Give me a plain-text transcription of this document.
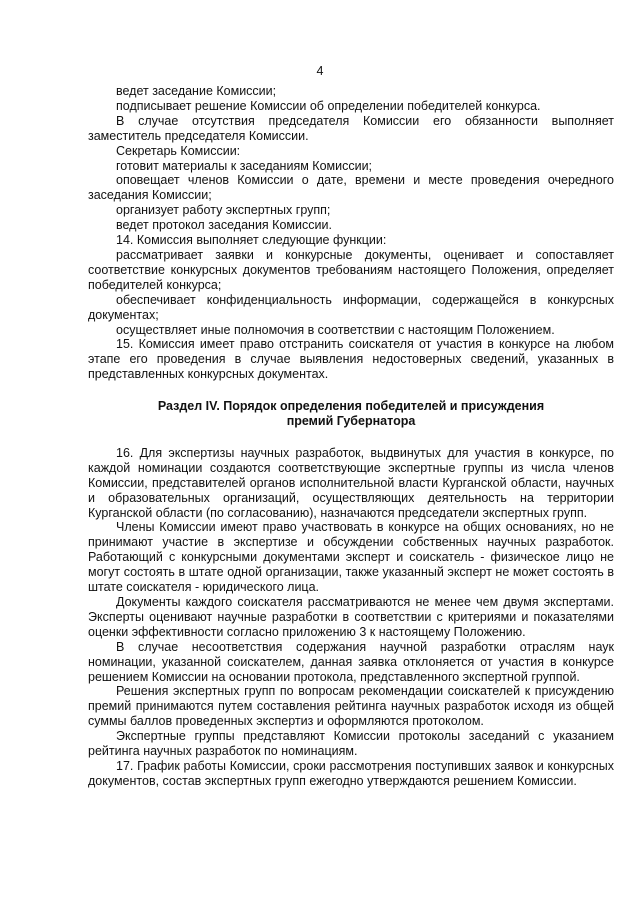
4

ведет заседание Комиссии;

подписывает решение Комиссии об определении победителей конкурса.

В случае отсутствия председателя Комиссии его обязанности выполняет заместитель председателя Комиссии.

Секретарь Комиссии:

готовит материалы к заседаниям Комиссии;

оповещает членов Комиссии о дате, времени и месте проведения очередного заседания Комиссии;

организует работу экспертных групп;

ведет протокол заседания Комиссии.

14. Комиссия выполняет следующие функции:

рассматривает заявки и конкурсные документы, оценивает и сопоставляет соответствие конкурсных документов требованиям настоящего Положения, определяет победителей конкурса;

обеспечивает конфиденциальность информации, содержащейся в конкурсных документах;

осуществляет иные полномочия в соответствии с настоящим Положением.

15. Комиссия имеет право отстранить соискателя от участия в конкурсе на любом этапе его проведения в случае выявления недостоверных сведений, указанных в представленных конкурсных документах.

Раздел IV. Порядок определения победителей и присуждения
премий Губернатора

16. Для экспертизы научных разработок, выдвинутых для участия в конкурсе, по каждой номинации создаются соответствующие экспертные группы из числа членов Комиссии, представителей органов исполнительной власти Курганской области, научных и образовательных организаций, осуществляющих деятельность на территории Курганской области (по согласованию), назначаются председатели экспертных групп.

Члены Комиссии имеют право участвовать в конкурсе на общих основаниях, но не принимают участие в экспертизе и обсуждении собственных научных разработок. Работающий с конкурсными документами эксперт и соискатель - физическое лицо не могут состоять в штате одной организации, также указанный эксперт не может состоять в штате соискателя - юридического лица.

Документы каждого соискателя рассматриваются не менее чем двумя экспертами. Эксперты оценивают научные разработки в соответствии с критериями и показателями оценки эффективности согласно приложению 3 к настоящему Положению.

В случае несоответствия содержания научной разработки отраслям наук номинации, указанной соискателем, данная заявка отклоняется от участия в конкурсе решением Комиссии на основании протокола, представленного экспертной группой.

Решения экспертных групп по вопросам рекомендации соискателей к присуждению премий принимаются путем составления рейтинга научных разработок исходя из общей суммы баллов проведенных экспертиз и оформляются протоколом.

Экспертные группы представляют Комиссии протоколы заседаний с указанием рейтинга научных разработок по номинациям.

17. График работы Комиссии, сроки рассмотрения поступивших заявок и конкурсных документов, состав экспертных групп ежегодно утверждаются решением Комиссии.
